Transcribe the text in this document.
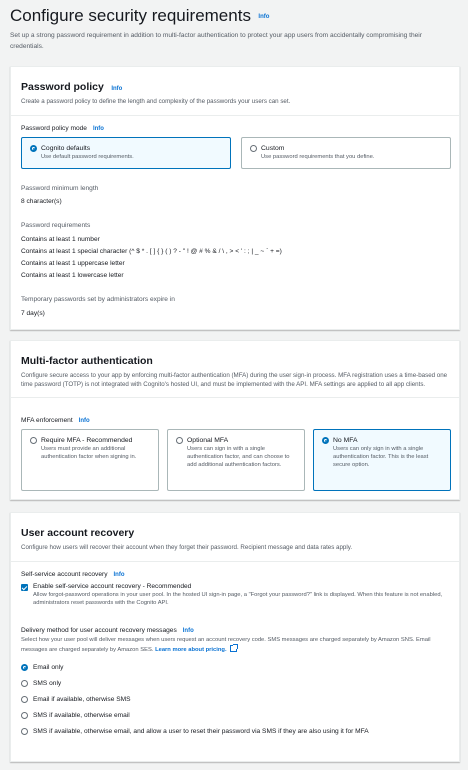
Configure security requirements Info

Set up a strong password requirement in addition to multi-factor authentication to protect your app users from accidentally compromising their credentials.

Password policy Info

Create a password policy to define the length and complexity of the passwords your users can set.

Password policy mode Info
Cognito defaults
Use default password requirements.
Custom
Use password requirements that you define.
Password minimum length
8 character(s)
Password requirements
Contains at least 1 number
Contains at least 1 special character (^ $ * . [ ] { } ( ) ? - " ! @ # % & / \ , > < ' : ; | _ ~ ` + =)
Contains at least 1 uppercase letter
Contains at least 1 lowercase letter
Temporary passwords set by administrators expire in
7 day(s)
Multi-factor authentication

Configure secure access to your app by enforcing multi-factor authentication (MFA) during the user sign-in process. MFA registration uses a time-based one time password (TOTP) is not integrated with Cognito's hosted UI, and must be implemented with the API. MFA settings are applied to all app clients.

MFA enforcement Info
Require MFA - Recommended
Users must provide an additional authentication factor when signing in.
Optional MFA
Users can sign in with a single authentication factor, and can choose to add additional authentication factors.
No MFA
Users can only sign in with a single authentication factor. This is the least secure option.
User account recovery

Configure how users will recover their account when they forget their password. Recipient message and data rates apply.

Self-service account recovery Info
Enable self-service account recovery - Recommended
Allow forgot-password operations in your user pool. In the hosted UI sign-in page, a "Forgot your password?" link is displayed. When this feature is not enabled, administrators reset passwords with the Cognito API.
Delivery method for user account recovery messages Info
Select how your user pool will deliver messages when users request an account recovery code. SMS messages are charged separately by Amazon SNS. Email messages are charged separately by Amazon SES. Learn more about pricing.
Email only
SMS only
Email if available, otherwise SMS
SMS if available, otherwise email
SMS if available, otherwise email, and allow a user to reset their password via SMS if they are also using it for MFA
